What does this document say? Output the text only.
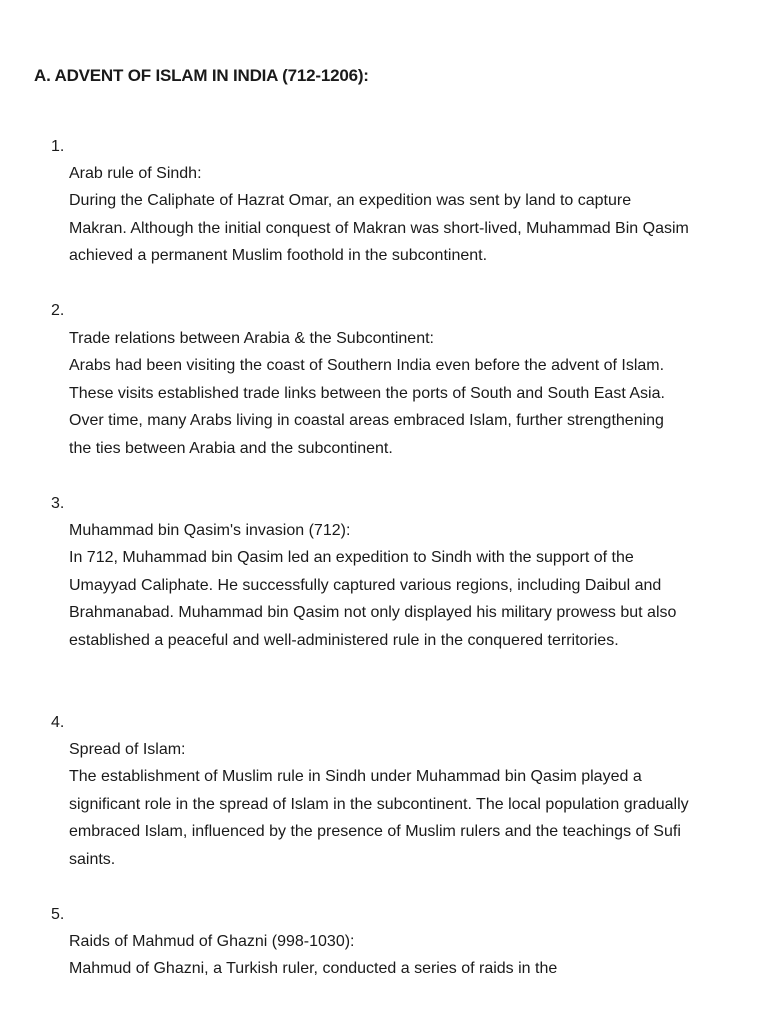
A. ADVENT OF ISLAM IN INDIA (712-1206):
1.
Arab rule of Sindh:
During the Caliphate of Hazrat Omar, an expedition was sent by land to capture Makran. Although the initial conquest of Makran was short-lived, Muhammad Bin Qasim achieved a permanent Muslim foothold in the subcontinent.
2.
Trade relations between Arabia & the Subcontinent:
Arabs had been visiting the coast of Southern India even before the advent of Islam. These visits established trade links between the ports of South and South East Asia. Over time, many Arabs living in coastal areas embraced Islam, further strengthening the ties between Arabia and the subcontinent.
3.
Muhammad bin Qasim's invasion (712):
In 712, Muhammad bin Qasim led an expedition to Sindh with the support of the Umayyad Caliphate. He successfully captured various regions, including Daibul and Brahmanabad. Muhammad bin Qasim not only displayed his military prowess but also established a peaceful and well-administered rule in the conquered territories.
4.
Spread of Islam:
The establishment of Muslim rule in Sindh under Muhammad bin Qasim played a significant role in the spread of Islam in the subcontinent. The local population gradually embraced Islam, influenced by the presence of Muslim rulers and the teachings of Sufi saints.
5.
Raids of Mahmud of Ghazni (998-1030):
Mahmud of Ghazni, a Turkish ruler, conducted a series of raids in the
